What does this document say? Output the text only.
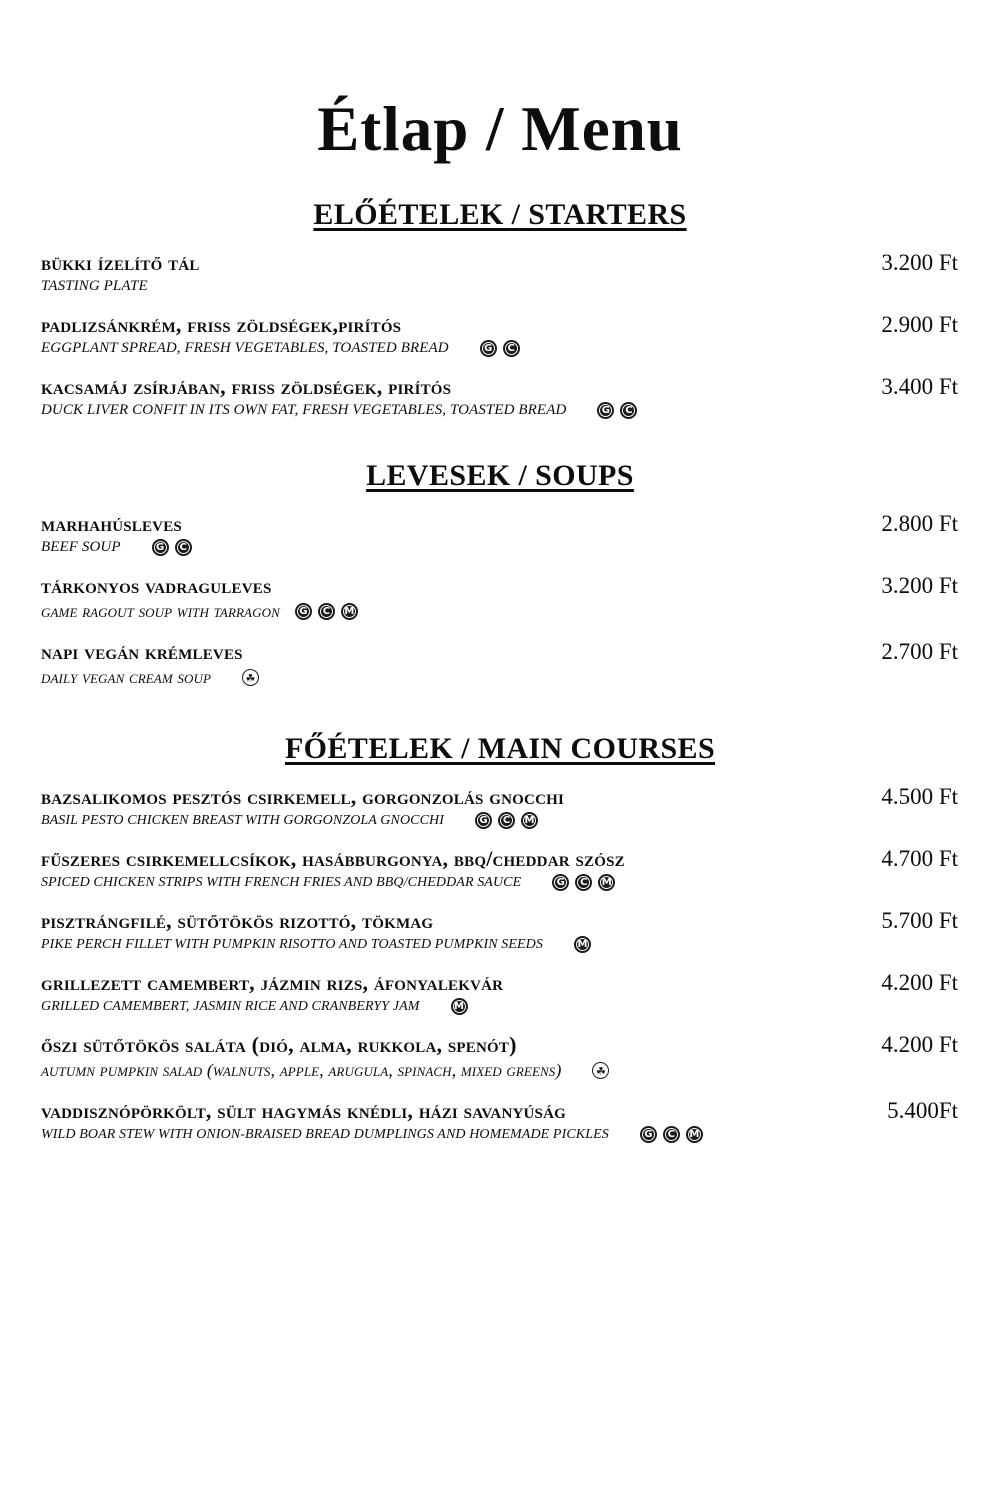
Étlap / Menu
ELŐÉTELEK / STARTERS
bükki ízelítő tál	3.200 Ft
TASTING PLATE
padlizsánkrém, friss zöldségek,pirítós	2.900 Ft
EGGPLANT SPREAD, FRESH VEGETABLES, TOASTED BREAD	G	C
kacsamáj zsírjában, friss zöldségek, pirítós	3.400 Ft
DUCK LIVER CONFIT IN ITS OWN FAT, FRESH VEGETABLES, TOASTED BREAD	G	C
LEVESEK / SOUPS
marhahúsleves	2.800 Ft
BEEF SOUP	G	C
tárkonyos vadraguleves	3.200 Ft
game ragout soup with tarragon	G	C	M
napi vegán krémleves	2.700 Ft
daily vegan cream soup	☘
FŐÉTELEK / MAIN COURSES
bazsalikomos pesztós csirkemell, gorgonzolás gnocchi	4.500 Ft
BASIL PESTO CHICKEN BREAST WITH GORGONZOLA GNOCCHI	G	C	M
fűszeres csirkemellcsíkok, hasábburgonya, bbq/cheddar szósz	4.700 Ft
SPICED CHICKEN STRIPS WITH FRENCH FRIES AND BBQ/CHEDDAR SAUCE	G	C	M
pisztrángfilé, sütőtökös rizottó, tökmag	5.700 Ft
PIKE PERCH FILLET WITH PUMPKIN RISOTTO AND TOASTED PUMPKIN SEEDS	M
grillezett camembert, jázmin rizs, áfonyalekvár	4.200 Ft
GRILLED CAMEMBERT, JASMIN RICE AND CRANBERYY JAM	M
őszi sütőtökös saláta (dió, alma, rukkola, spenót)	4.200 Ft
autumn pumpkin salad (walnuts, apple, arugula, spinach, mixed greens)	☘
vaddisznópörkölt, sült hagymás knédli, házi savanyúság	5.400Ft
WILD BOAR STEW WITH ONION-BRAISED BREAD DUMPLINGS AND HOMEMADE PICKLES	G	C	M
